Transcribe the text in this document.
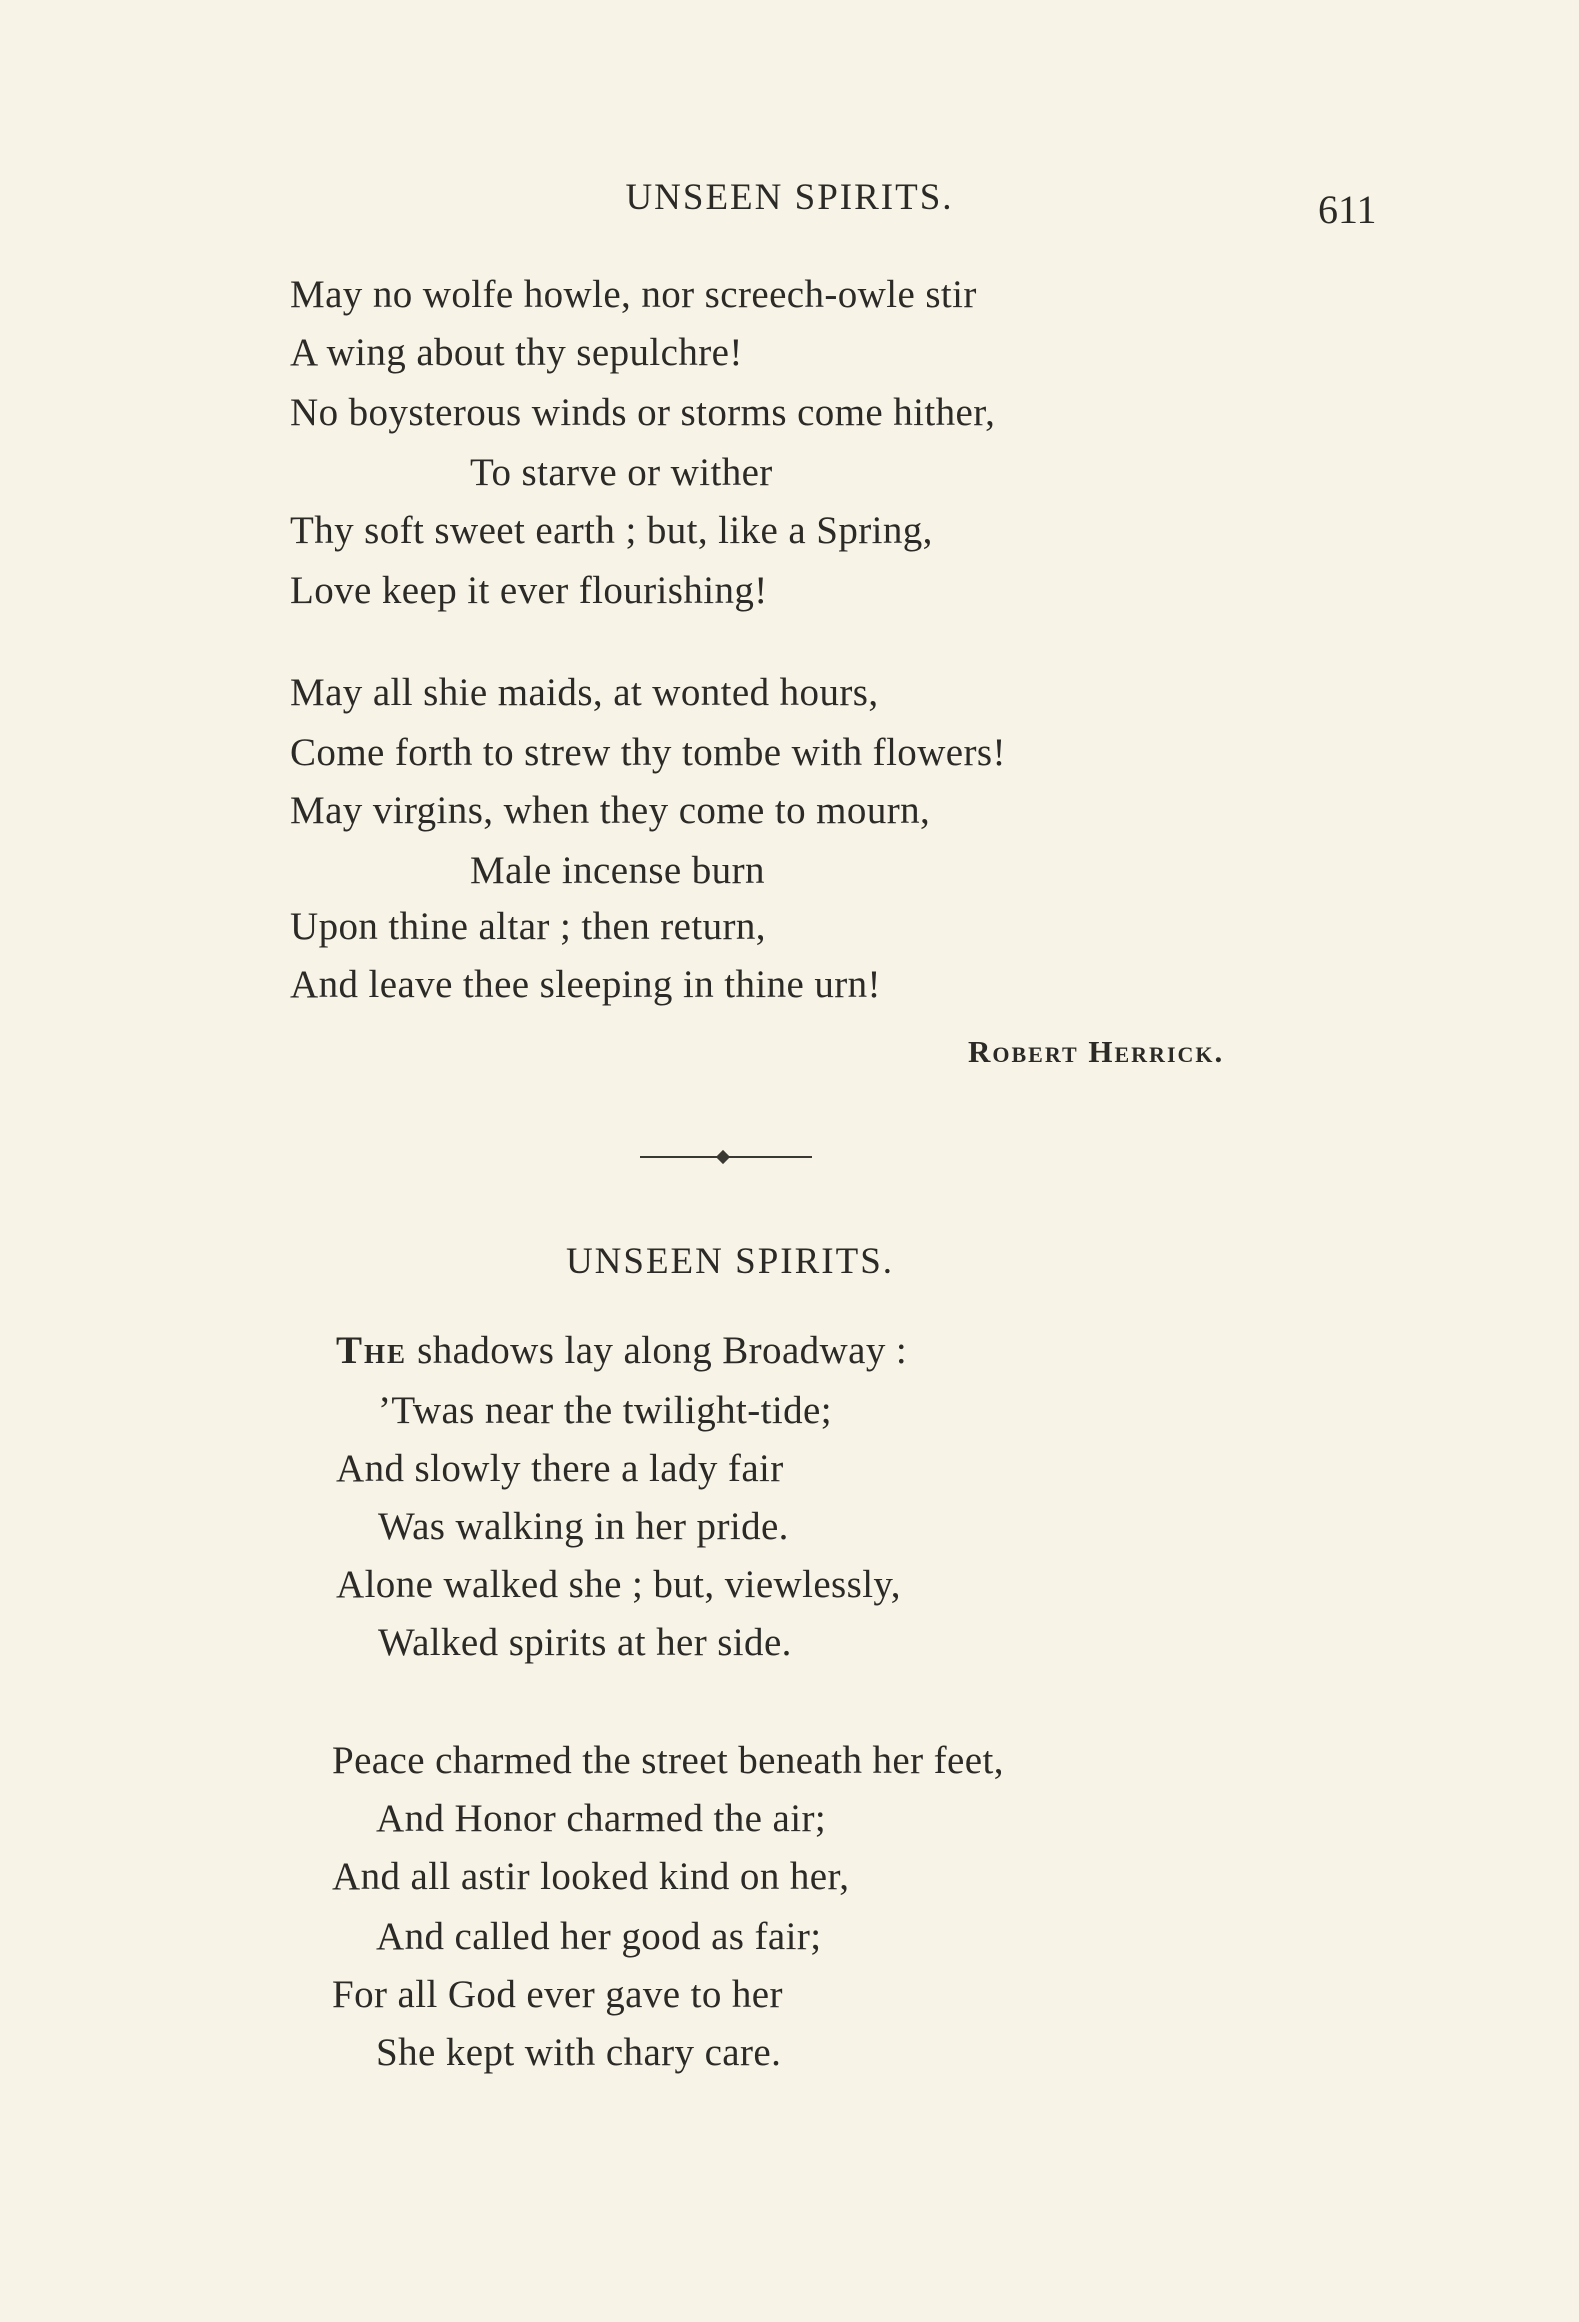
UNSEEN SPIRITS.	611
May no wolfe howle, nor screech-owle stir
A wing about thy sepulchre!
No boysterous winds or storms come hither,
To starve or wither
Thy soft sweet earth ; but, like a Spring,
Love keep it ever flourishing!
May all shie maids, at wonted hours,
Come forth to strew thy tombe with flowers!
May virgins, when they come to mourn,
Male incense burn
Upon thine altar ; then return,
And leave thee sleeping in thine urn!
Robert Herrick.
UNSEEN SPIRITS.
The shadows lay along Broadway :
’Twas near the twilight-tide;
And slowly there a lady fair
Was walking in her pride.
Alone walked she ; but, viewlessly,
Walked spirits at her side.
Peace charmed the street beneath her feet,
And Honor charmed the air;
And all astir looked kind on her,
And called her good as fair;
For all God ever gave to her
She kept with chary care.
